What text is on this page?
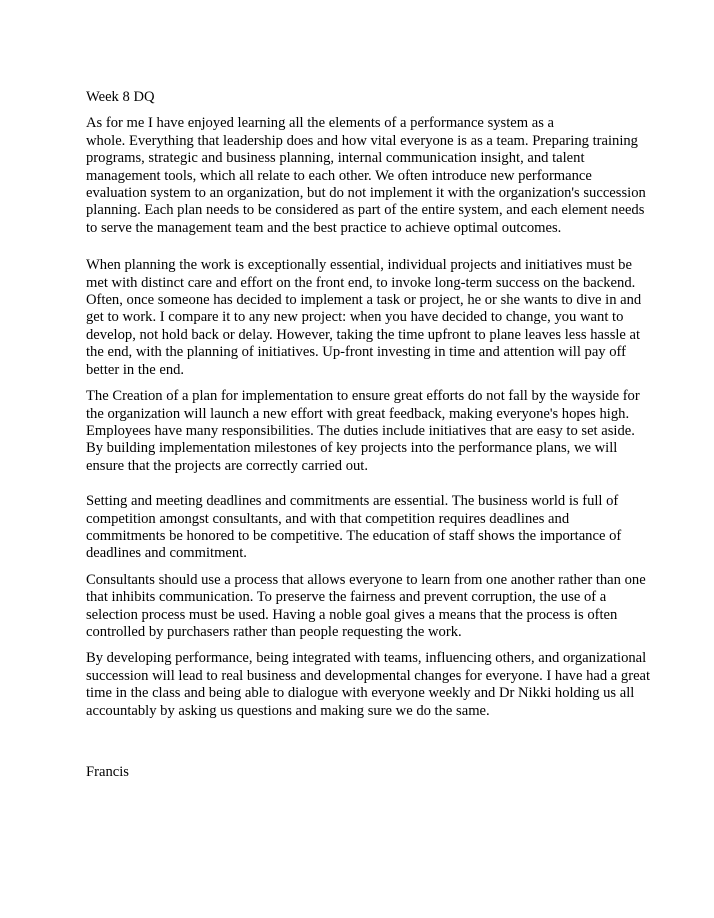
Week 8 DQ

As for me I have enjoyed learning all the elements of a performance system as a
whole. Everything that leadership does and how vital everyone is as a team. Preparing training
programs, strategic and business planning, internal communication insight, and talent
management tools, which all relate to each other. We often introduce new performance
evaluation system to an organization, but do not implement it with the organization's succession
planning. Each plan needs to be considered as part of the entire system, and each element needs
to serve the management team and the best practice to achieve optimal outcomes.

When planning the work is exceptionally essential, individual projects and initiatives must be
met with distinct care and effort on the front end, to invoke long-term success on the backend.
Often, once someone has decided to implement a task or project, he or she wants to dive in and
get to work. I compare it to any new project: when you have decided to change, you want to
develop, not hold back or delay. However, taking the time upfront to plane leaves less hassle at
the end, with the planning of initiatives. Up-front investing in time and attention will pay off
better in the end.

The Creation of a plan for implementation to ensure great efforts do not fall by the wayside for
the organization will launch a new effort with great feedback, making everyone's hopes high.
Employees have many responsibilities. The duties include initiatives that are easy to set aside.
By building implementation milestones of key projects into the performance plans, we will
ensure that the projects are correctly carried out.

Setting and meeting deadlines and commitments are essential. The business world is full of
competition amongst consultants, and with that competition requires deadlines and
commitments be honored to be competitive. The education of staff shows the importance of
deadlines and commitment.

Consultants should use a process that allows everyone to learn from one another rather than one
that inhibits communication. To preserve the fairness and prevent corruption, the use of a
selection process must be used. Having a noble goal gives a means that the process is often
controlled by purchasers rather than people requesting the work.

By developing performance, being integrated with teams, influencing others, and organizational
succession will lead to real business and developmental changes for everyone. I have had a great
time in the class and being able to dialogue with everyone weekly and Dr Nikki holding us all
accountably by asking us questions and making sure we do the same.

Francis
